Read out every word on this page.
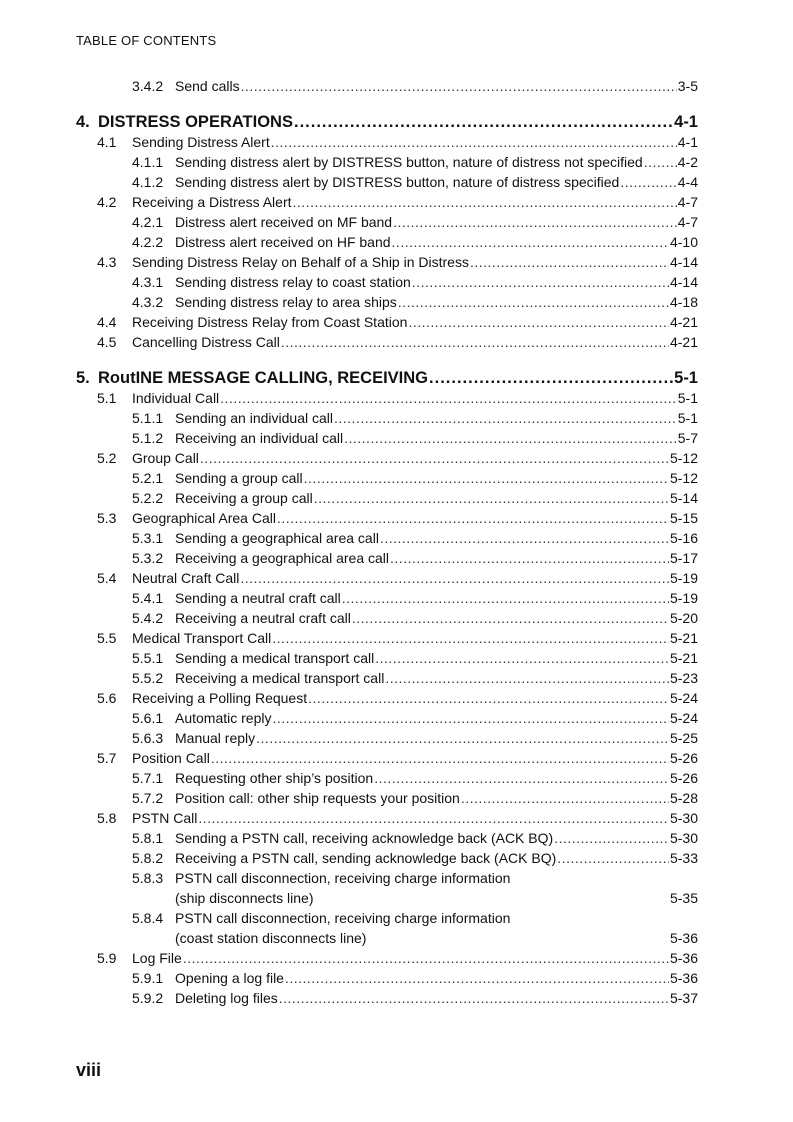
TABLE OF CONTENTS
3.4.2 Send calls .....	3-5
4. DISTRESS OPERATIONS .....	4-1
4.1	Sending Distress Alert .....	4-1
4.1.1 Sending distress alert by DISTRESS button, nature of distress not specified .....	4-2
4.1.2 Sending distress alert by DISTRESS button, nature of distress specified .....	4-4
4.2	Receiving a Distress Alert .....	4-7
4.2.1 Distress alert received on MF band .....	4-7
4.2.2 Distress alert received on HF band .....	4-10
4.3	Sending Distress Relay on Behalf of a Ship in Distress .....	4-14
4.3.1 Sending distress relay to coast station .....	4-14
4.3.2 Sending distress relay to area ships .....	4-18
4.4	Receiving Distress Relay from Coast Station .....	4-21
4.5	Cancelling Distress Call .....	4-21
5. RoutINE MESSAGE CALLING, RECEIVING .....	5-1
5.1	Individual Call .....	5-1
5.1.1 Sending an individual call .....	5-1
5.1.2 Receiving an individual call .....	5-7
5.2	Group Call .....	5-12
5.2.1 Sending a group call .....	5-12
5.2.2 Receiving a group call .....	5-14
5.3	Geographical Area Call .....	5-15
5.3.1 Sending a geographical area call .....	5-16
5.3.2 Receiving a geographical area call .....	5-17
5.4	Neutral Craft Call .....	5-19
5.4.1 Sending a neutral craft call .....	5-19
5.4.2 Receiving a neutral craft call .....	5-20
5.5	Medical Transport Call .....	5-21
5.5.1 Sending a medical transport call .....	5-21
5.5.2 Receiving a medical transport call .....	5-23
5.6	Receiving a Polling Request .....	5-24
5.6.1 Automatic reply .....	5-24
5.6.3 Manual reply .....	5-25
5.7	Position Call .....	5-26
5.7.1 Requesting other ship’s position .....	5-26
5.7.2 Position call: other ship requests your position .....	5-28
5.8	PSTN Call .....	5-30
5.8.1 Sending a PSTN call, receiving acknowledge back (ACK BQ) .....	5-30
5.8.2 Receiving a PSTN call, sending acknowledge back (ACK BQ) .....	5-33
5.8.3 PSTN call disconnection, receiving charge information
(ship disconnects line)	5-35
5.8.4 PSTN call disconnection, receiving charge information
(coast station disconnects line)	5-36
5.9	Log File .....	5-36
5.9.1 Opening a log file .....	5-36
5.9.2 Deleting log files .....	5-37
viii
